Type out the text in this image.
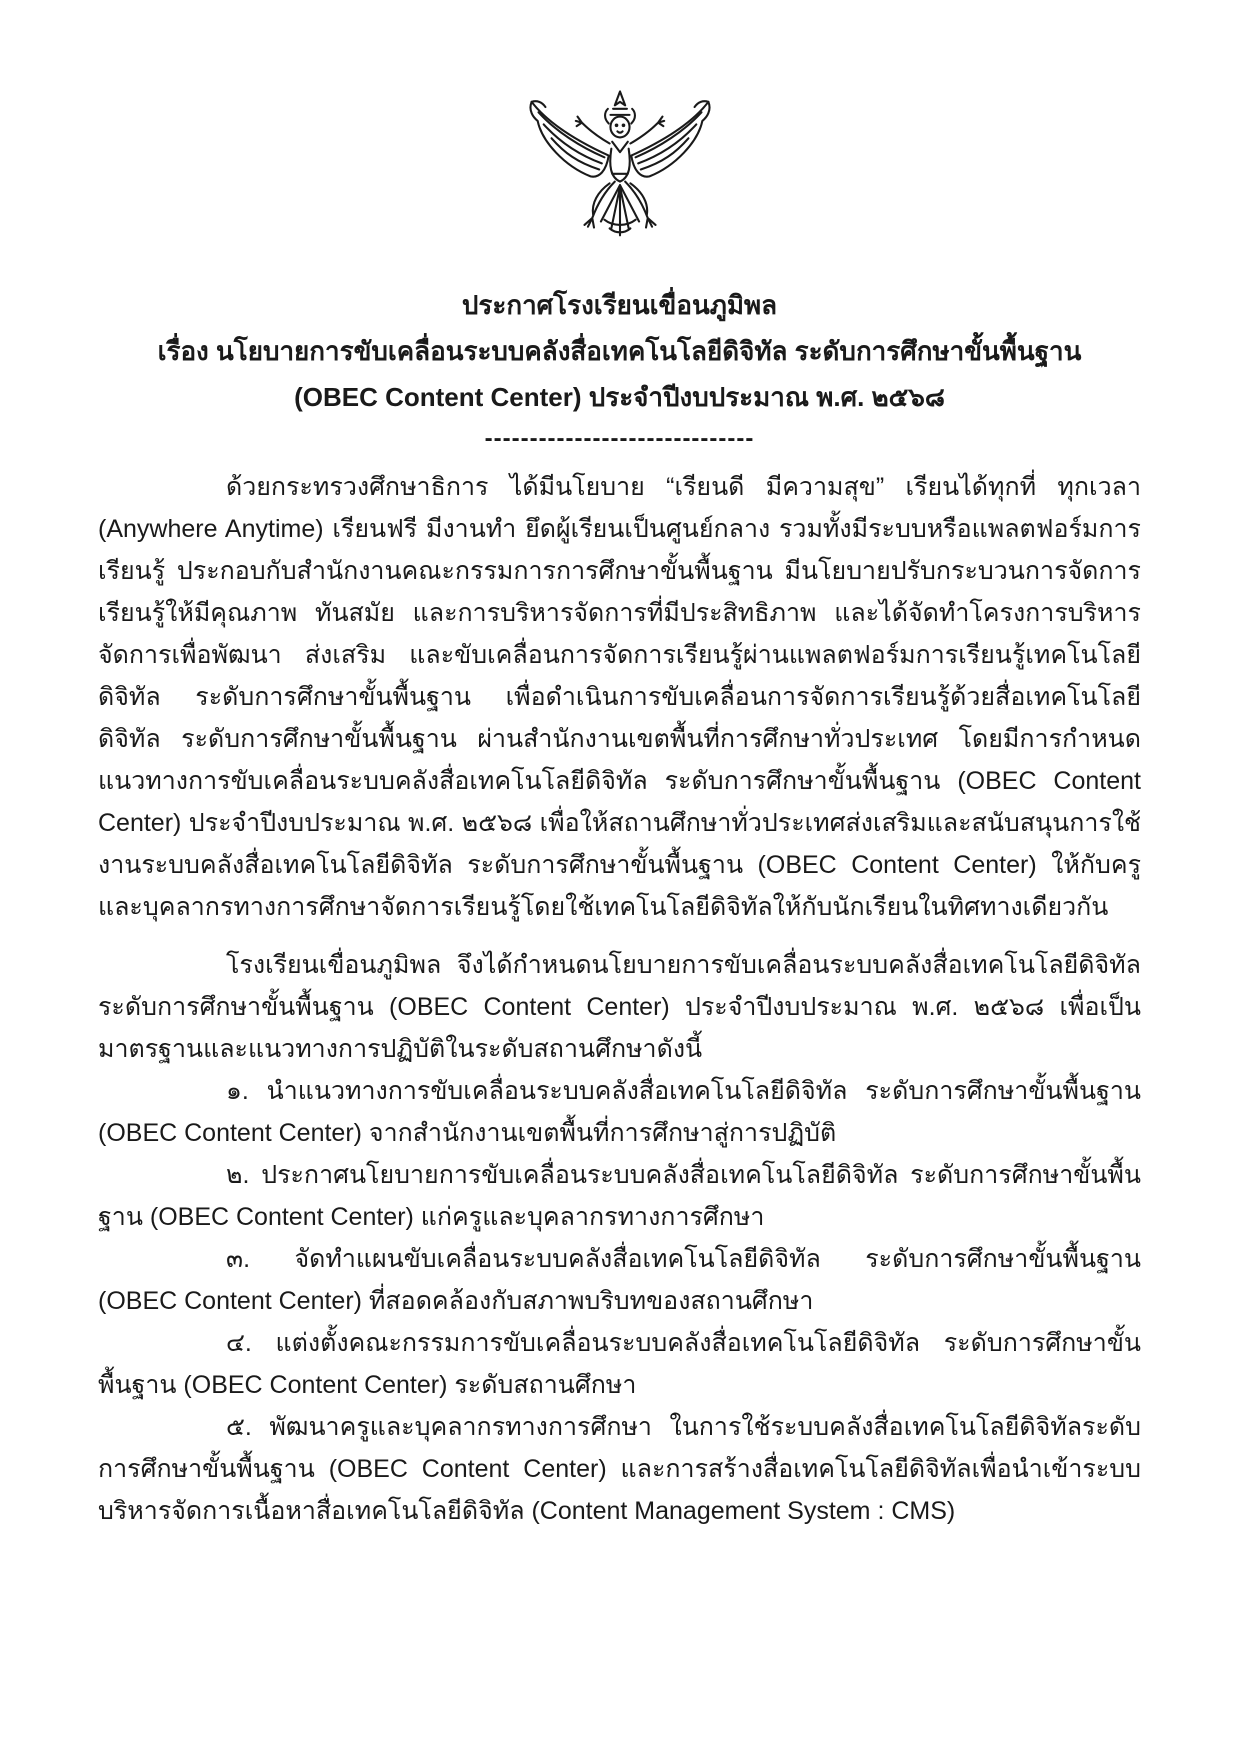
ประกาศโรงเรียนเขื่อนภูมิพล
เรื่อง นโยบายการขับเคลื่อนระบบคลังสื่อเทคโนโลยีดิจิทัล ระดับการศึกษาขั้นพื้นฐาน
(OBEC Content Center) ประจำปีงบประมาณ พ.ศ. ๒๕๖๘
------------------------------

ด้วยกระทรวงศึกษาธิการ ได้มีนโยบาย “เรียนดี มีความสุข” เรียนได้ทุกที่ ทุกเวลา (Anywhere Anytime) เรียนฟรี มีงานทำ ยึดผู้เรียนเป็นศูนย์กลาง รวมทั้งมีระบบหรือแพลตฟอร์มการเรียนรู้ ประกอบกับสำนักงานคณะกรรมการการศึกษาขั้นพื้นฐาน มีนโยบายปรับกระบวนการจัดการเรียนรู้ให้มีคุณภาพ ทันสมัย และการบริหารจัดการที่มีประสิทธิภาพ และได้จัดทำโครงการบริหารจัดการเพื่อพัฒนา ส่งเสริม และขับเคลื่อนการจัดการเรียนรู้ผ่านแพลตฟอร์มการเรียนรู้เทคโนโลยีดิจิทัล ระดับการศึกษาขั้นพื้นฐาน เพื่อดำเนินการขับเคลื่อนการจัดการเรียนรู้ด้วยสื่อเทคโนโลยีดิจิทัล ระดับการศึกษาขั้นพื้นฐาน ผ่านสำนักงานเขตพื้นที่การศึกษาทั่วประเทศ โดยมีการกำหนดแนวทางการขับเคลื่อนระบบคลังสื่อเทคโนโลยีดิจิทัล ระดับการศึกษาขั้นพื้นฐาน (OBEC Content Center) ประจำปีงบประมาณ พ.ศ. ๒๕๖๘ เพื่อให้สถานศึกษาทั่วประเทศส่งเสริมและสนับสนุนการใช้งานระบบคลังสื่อเทคโนโลยีดิจิทัล ระดับการศึกษาขั้นพื้นฐาน (OBEC Content Center) ให้กับครูและบุคลากรทางการศึกษาจัดการเรียนรู้โดยใช้เทคโนโลยีดิจิทัลให้กับนักเรียนในทิศทางเดียวกัน

โรงเรียนเขื่อนภูมิพล จึงได้กำหนดนโยบายการขับเคลื่อนระบบคลังสื่อเทคโนโลยีดิจิทัล ระดับการศึกษาขั้นพื้นฐาน (OBEC Content Center) ประจำปีงบประมาณ พ.ศ. ๒๕๖๘ เพื่อเป็นมาตรฐานและแนวทางการปฏิบัติในระดับสถานศึกษาดังนี้

๑. นำแนวทางการขับเคลื่อนระบบคลังสื่อเทคโนโลยีดิจิทัล ระดับการศึกษาขั้นพื้นฐาน (OBEC Content Center) จากสำนักงานเขตพื้นที่การศึกษาสู่การปฏิบัติ

๒. ประกาศนโยบายการขับเคลื่อนระบบคลังสื่อเทคโนโลยีดิจิทัล ระดับการศึกษาขั้นพื้นฐาน (OBEC Content Center) แก่ครูและบุคลากรทางการศึกษา

๓. จัดทำแผนขับเคลื่อนระบบคลังสื่อเทคโนโลยีดิจิทัล ระดับการศึกษาขั้นพื้นฐาน (OBEC Content Center) ที่สอดคล้องกับสภาพบริบทของสถานศึกษา

๔. แต่งตั้งคณะกรรมการขับเคลื่อนระบบคลังสื่อเทคโนโลยีดิจิทัล ระดับการศึกษาขั้นพื้นฐาน (OBEC Content Center) ระดับสถานศึกษา

๕. พัฒนาครูและบุคลากรทางการศึกษา ในการใช้ระบบคลังสื่อเทคโนโลยีดิจิทัลระดับการศึกษาขั้นพื้นฐาน (OBEC Content Center) และการสร้างสื่อเทคโนโลยีดิจิทัลเพื่อนำเข้าระบบบริหารจัดการเนื้อหาสื่อเทคโนโลยีดิจิทัล (Content Management System : CMS)
